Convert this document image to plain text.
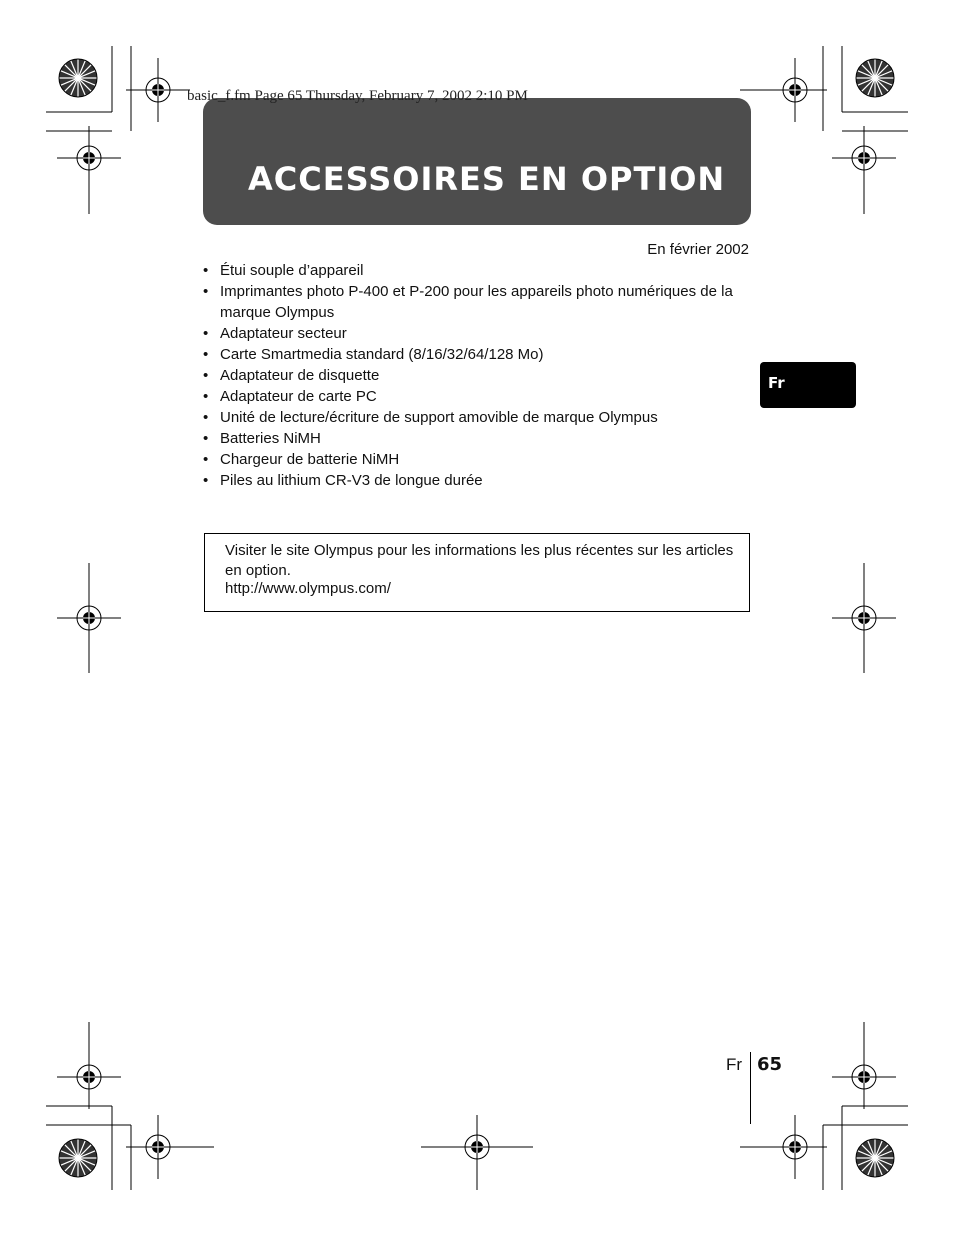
basic_f.fm Page 65 Thursday, February 7, 2002 2:10 PM
ACCESSOIRES EN OPTION
En février 2002
• Étui souple d’appareil
• Imprimantes photo P-400 et P-200 pour les appareils photo numériques de la marque Olympus
• Adaptateur secteur
• Carte Smartmedia standard (8/16/32/64/128 Mo)
• Adaptateur de disquette
• Adaptateur de carte PC
• Unité de lecture/écriture de support amovible de marque Olympus
• Batteries NiMH
• Chargeur de batterie NiMH
• Piles au lithium CR-V3 de longue durée
Fr
Visiter le site Olympus pour les informations les plus récentes sur les articles en option.
http://www.olympus.com/
Fr 65
